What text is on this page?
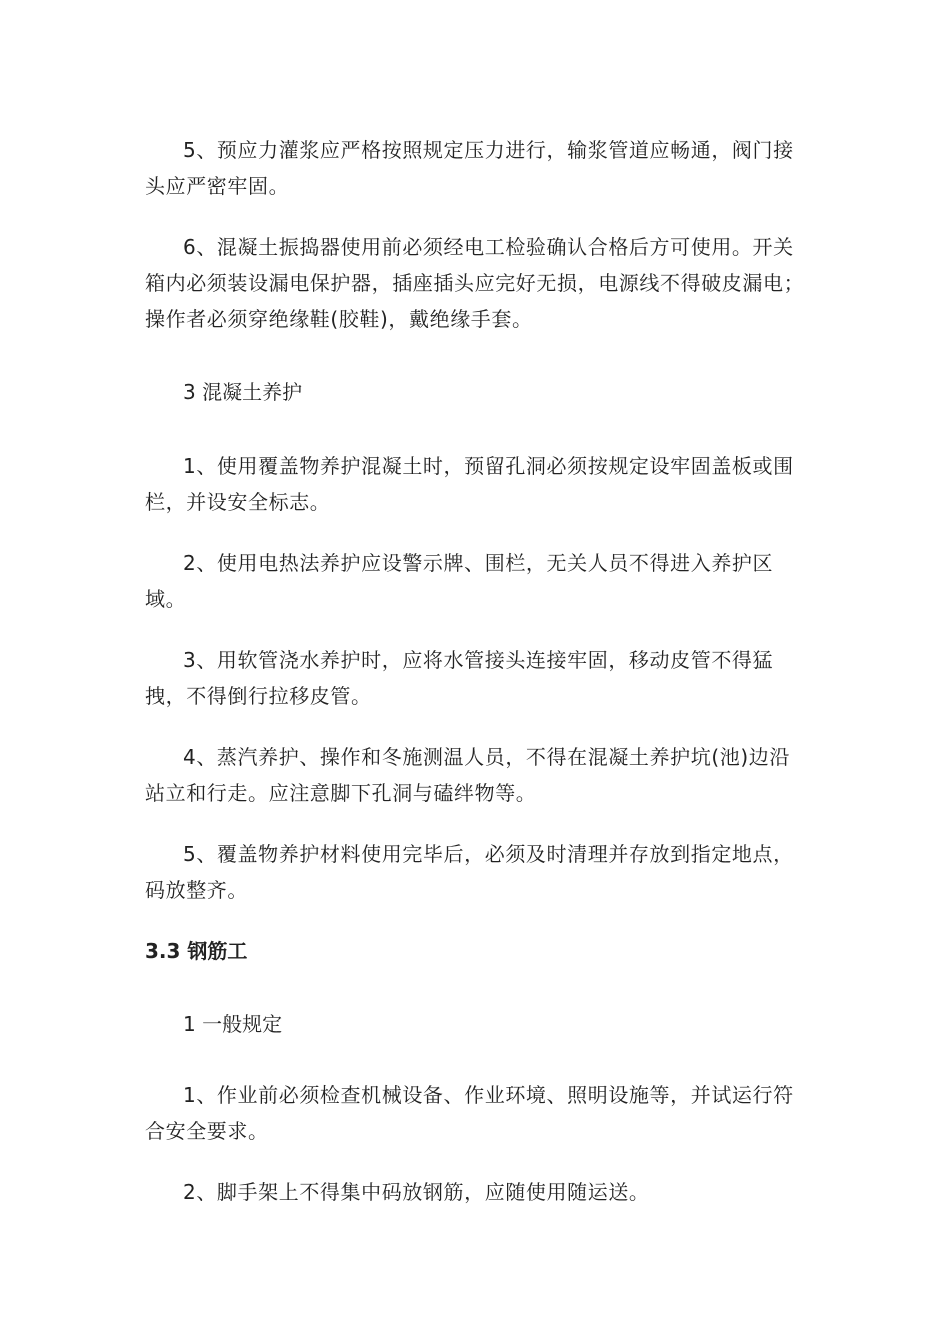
5、预应力灌浆应严格按照规定压力进行，输浆管道应畅通，阀门接头应严密牢固。

6、混凝土振捣器使用前必须经电工检验确认合格后方可使用。开关箱内必须装设漏电保护器，插座插头应完好无损，电源线不得破皮漏电；操作者必须穿绝缘鞋(胶鞋)，戴绝缘手套。

3 混凝土养护

1、使用覆盖物养护混凝土时，预留孔洞必须按规定设牢固盖板或围栏，并设安全标志。

2、使用电热法养护应设警示牌、围栏，无关人员不得进入养护区域。

3、用软管浇水养护时，应将水管接头连接牢固，移动皮管不得猛拽，不得倒行拉移皮管。

4、蒸汽养护、操作和冬施测温人员，不得在混凝土养护坑(池)边沿站立和行走。应注意脚下孔洞与磕绊物等。

5、覆盖物养护材料使用完毕后，必须及时清理并存放到指定地点，码放整齐。

3.3 钢筋工

1 一般规定

1、作业前必须检查机械设备、作业环境、照明设施等，并试运行符合安全要求。

2、脚手架上不得集中码放钢筋，应随使用随运送。
